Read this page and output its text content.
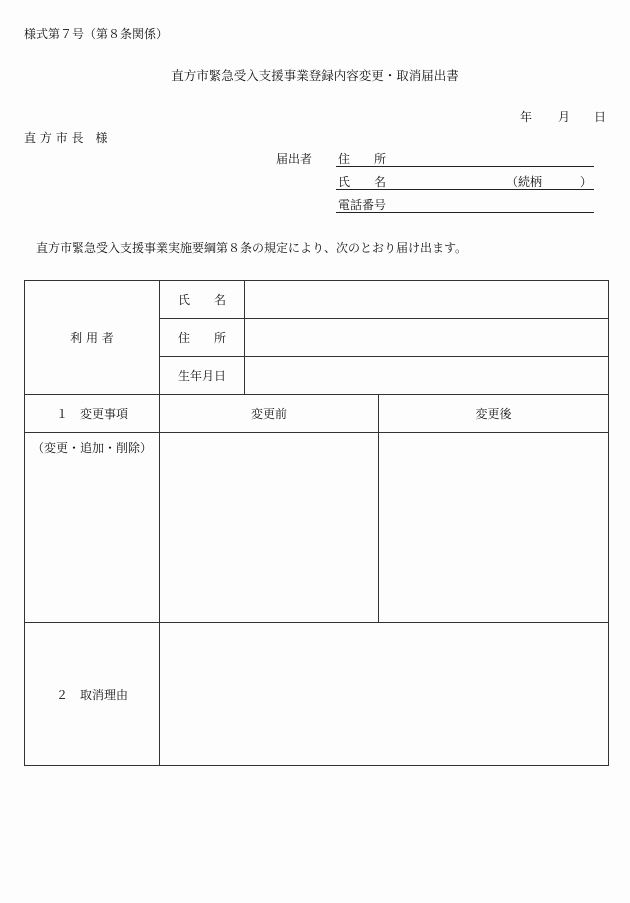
様式第７号（第８条関係）
直方市緊急受入支援事業登録内容変更・取消届出書
年 月 日
直 方 市 長　様
届出者 住　　所
氏　　名	（続柄	）
電話番号
直方市緊急受入支援事業実施要綱第８条の規定により、次のとおり届け出ます。
利 用 者	氏　　名		
	住　　所		
	生年月日		
１　変更事項	変更前		変更後
（変更・追加・削除）			
２　取消理由			
